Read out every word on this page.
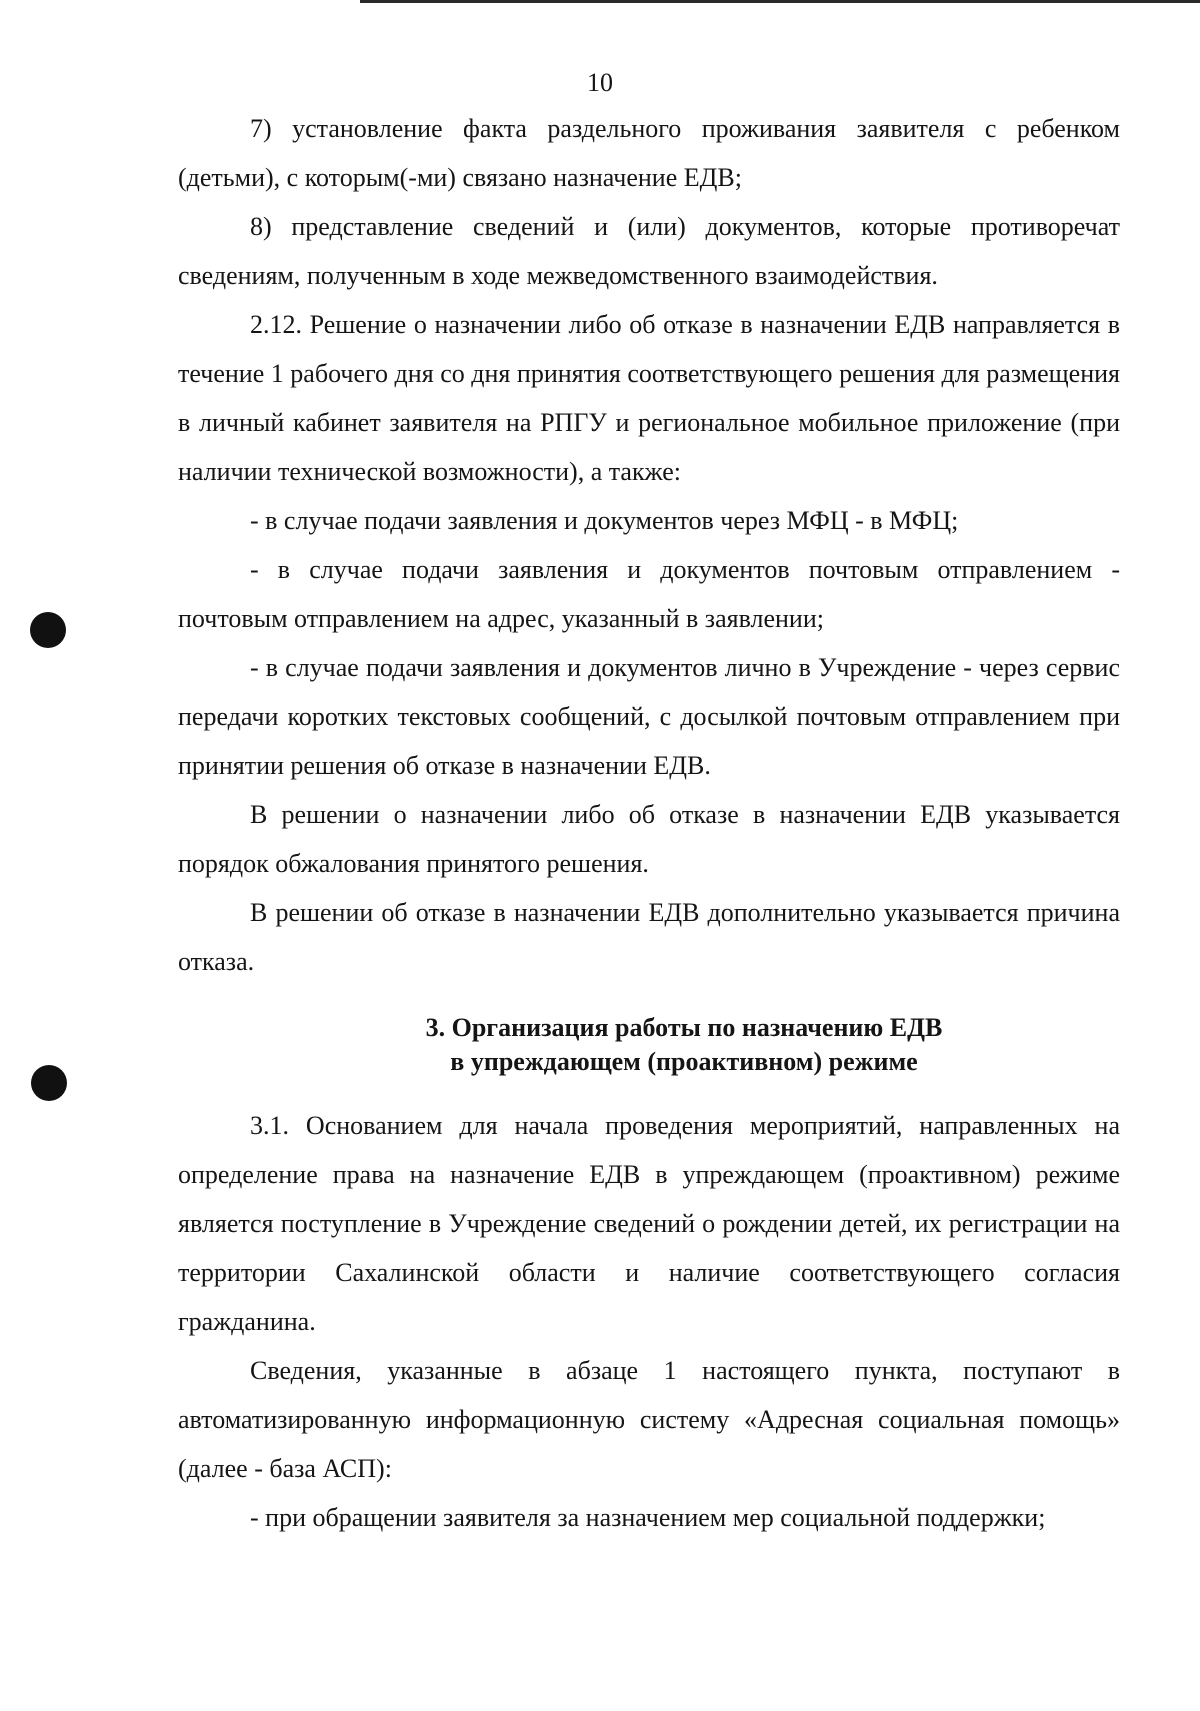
10

7) установление факта раздельного проживания заявителя с ребенком (детьми), с которым(-ми) связано назначение ЕДВ;

8) представление сведений и (или) документов, которые противоречат сведениям, полученным в ходе межведомственного взаимодействия.

2.12. Решение о назначении либо об отказе в назначении ЕДВ направляется в течение 1 рабочего дня со дня принятия соответствующего решения для размещения в личный кабинет заявителя на РПГУ и региональное мобильное приложение (при наличии технической возможности), а также:

- в случае подачи заявления и документов через МФЦ - в МФЦ;

- в случае подачи заявления и документов почтовым отправлением - почтовым отправлением на адрес, указанный в заявлении;

- в случае подачи заявления и документов лично в Учреждение - через сервис передачи коротких текстовых сообщений, с досылкой почтовым отправлением при принятии решения об отказе в назначении ЕДВ.

В решении о назначении либо об отказе в назначении ЕДВ указывается порядок обжалования принятого решения.

В решении об отказе в назначении ЕДВ дополнительно указывается причина отказа.

3. Организация работы по назначению ЕДВ
в упреждающем (проактивном) режиме

3.1. Основанием для начала проведения мероприятий, направленных на определение права на назначение ЕДВ в упреждающем (проактивном) режиме является поступление в Учреждение сведений о рождении детей, их регистрации на территории Сахалинской области и наличие соответствующего согласия гражданина.

Сведения, указанные в абзаце 1 настоящего пункта, поступают в автоматизированную информационную систему «Адресная социальная помощь» (далее - база АСП):

- при обращении заявителя за назначением мер социальной поддержки;
